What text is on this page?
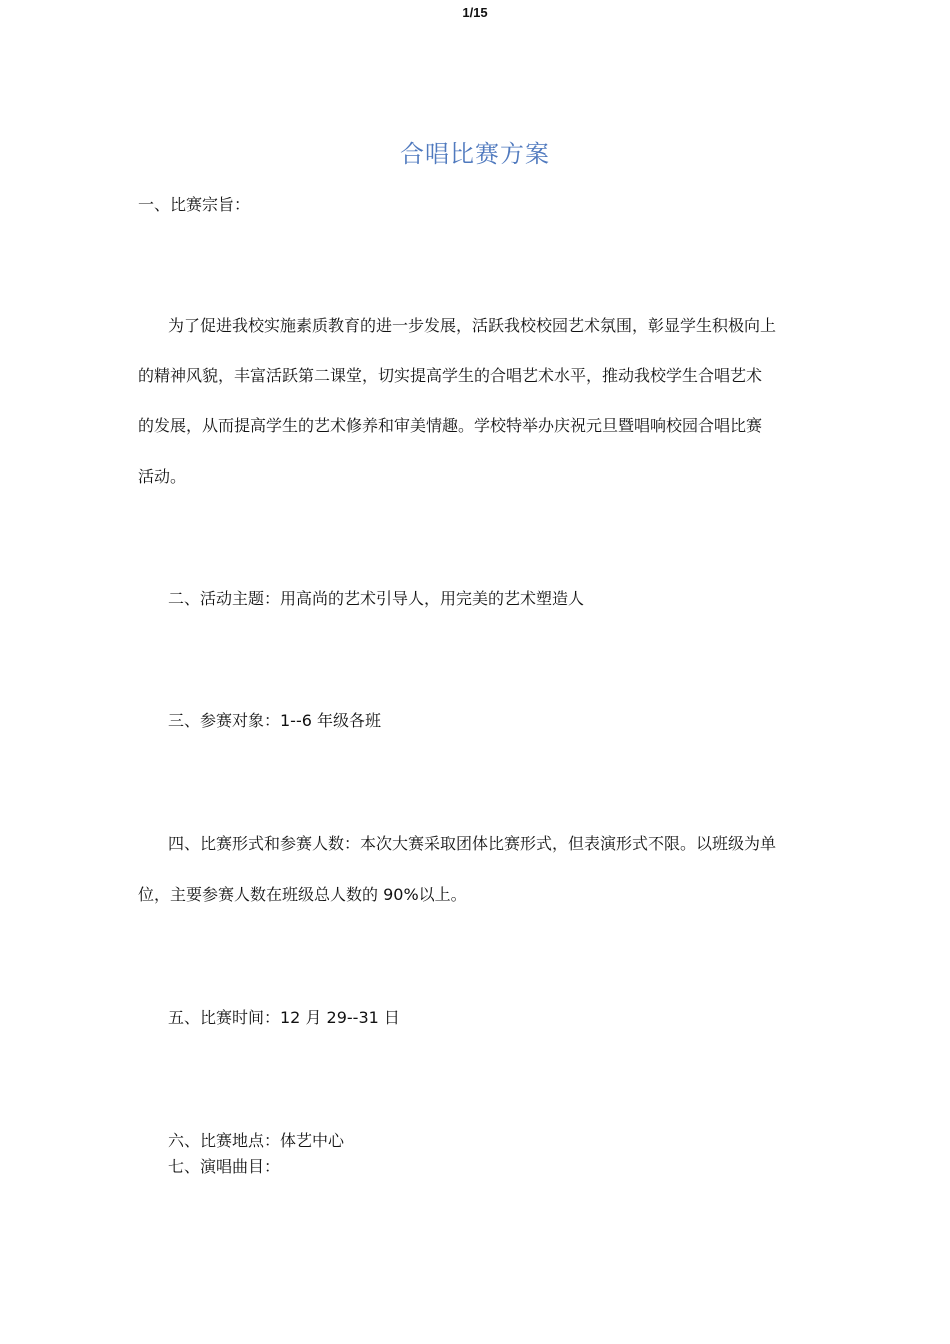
1/15
合唱比赛方案
一、比赛宗旨：
为了促进我校实施素质教育的进一步发展，活跃我校校园艺术氛围，彰显学生积极向上
的精神风貌，丰富活跃第二课堂，切实提高学生的合唱艺术水平，推动我校学生合唱艺术
的发展，从而提高学生的艺术修养和审美情趣。学校特举办庆祝元旦暨唱响校园合唱比赛
活动。
二、活动主题：用高尚的艺术引导人，用完美的艺术塑造人
三、参赛对象：1--6 年级各班
四、比赛形式和参赛人数：本次大赛采取团体比赛形式，但表演形式不限。以班级为单
位，主要参赛人数在班级总人数的 90%以上。
五、比赛时间：12 月 29--31 日
六、比赛地点：体艺中心
七、演唱曲目：
